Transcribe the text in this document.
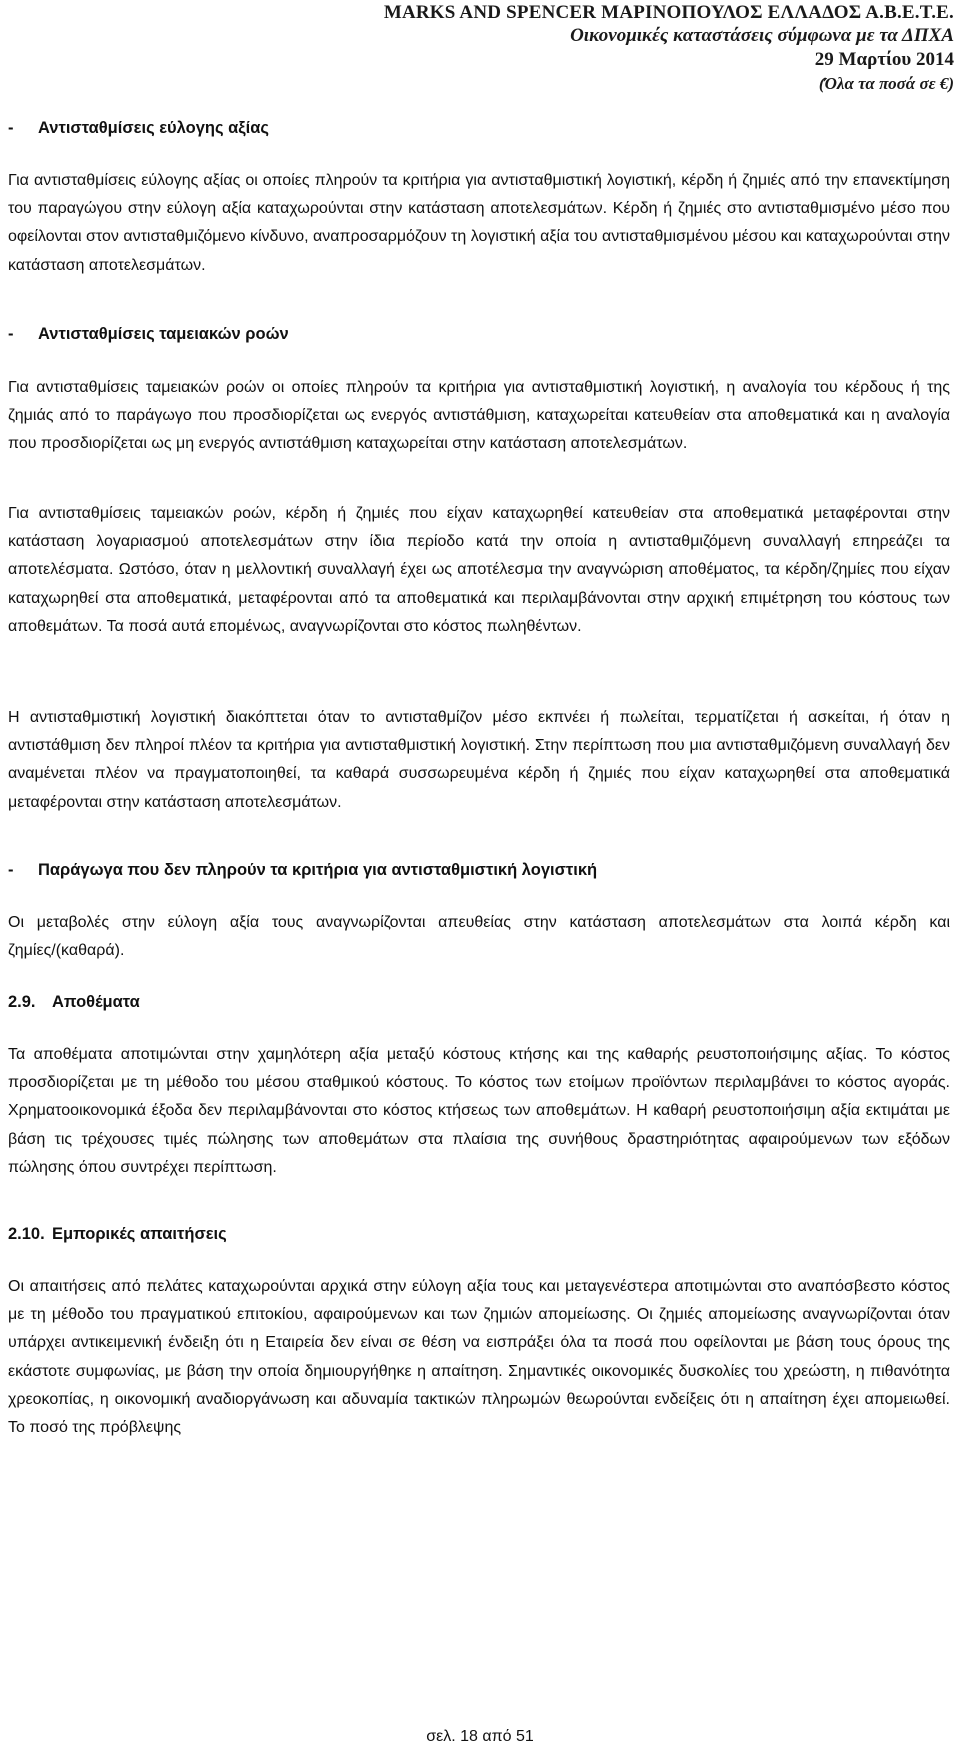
MARKS AND SPENCER ΜΑΡΙΝΟΠΟΥΛΟΣ ΕΛΛΑΔΟΣ Α.Β.Ε.Τ.Ε.
Οικονομικές καταστάσεις σύμφωνα με τα ΔΠΧΑ
29 Μαρτίου 2014
(Όλα τα ποσά σε €)
-	Αντισταθμίσεις εύλογης αξίας

Για αντισταθμίσεις εύλογης αξίας οι οποίες πληρούν τα κριτήρια για αντισταθμιστική λογιστική, κέρδη ή ζημιές από την επανεκτίμηση του παραγώγου στην εύλογη αξία καταχωρούνται στην κατάσταση αποτελεσμάτων. Κέρδη ή ζημιές στο αντισταθμισμένο μέσο που οφείλονται στον αντισταθμιζόμενο κίνδυνο, αναπροσαρμόζουν τη λογιστική αξία του αντισταθμισμένου μέσου και καταχωρούνται στην κατάσταση αποτελεσμάτων.

-	Αντισταθμίσεις ταμειακών ροών

Για αντισταθμίσεις ταμειακών ροών οι οποίες πληρούν τα κριτήρια για αντισταθμιστική λογιστική, η αναλογία του κέρδους ή της ζημιάς από το παράγωγο που προσδιορίζεται ως ενεργός αντιστάθμιση, καταχωρείται κατευθείαν στα αποθεματικά και η αναλογία που προσδιορίζεται ως μη ενεργός αντιστάθμιση καταχωρείται στην κατάσταση αποτελεσμάτων.

Για αντισταθμίσεις ταμειακών ροών, κέρδη ή ζημιές που είχαν καταχωρηθεί κατευθείαν στα αποθεματικά μεταφέρονται στην κατάσταση λογαριασμού αποτελεσμάτων στην ίδια περίοδο κατά την οποία η αντισταθμιζόμενη συναλλαγή επηρεάζει τα αποτελέσματα. Ωστόσο, όταν η μελλοντική συναλλαγή έχει ως αποτέλεσμα την αναγνώριση αποθέματος, τα κέρδη/ζημίες που είχαν καταχωρηθεί στα αποθεματικά, μεταφέρονται από τα αποθεματικά και περιλαμβάνονται στην αρχική επιμέτρηση του κόστους των αποθεμάτων. Τα ποσά αυτά επομένως, αναγνωρίζονται στο κόστος πωληθέντων.

Η αντισταθμιστική λογιστική διακόπτεται όταν το αντισταθμίζον μέσο εκπνέει ή πωλείται, τερματίζεται ή ασκείται, ή όταν η αντιστάθμιση δεν πληροί πλέον τα κριτήρια για αντισταθμιστική λογιστική. Στην περίπτωση που μια αντισταθμιζόμενη συναλλαγή δεν αναμένεται πλέον να πραγματοποιηθεί, τα καθαρά συσσωρευμένα κέρδη ή ζημιές που είχαν καταχωρηθεί στα αποθεματικά μεταφέρονται στην κατάσταση αποτελεσμάτων.

-	Παράγωγα που δεν πληρούν τα κριτήρια για αντισταθμιστική λογιστική

Οι μεταβολές στην εύλογη αξία τους αναγνωρίζονται απευθείας στην κατάσταση αποτελεσμάτων στα λοιπά κέρδη και ζημίες/(καθαρά).

2.9. Αποθέματα

Τα αποθέματα αποτιμώνται στην χαμηλότερη αξία μεταξύ κόστους κτήσης και της καθαρής ρευστοποιήσιμης αξίας. Το κόστος προσδιορίζεται με τη μέθοδο του μέσου σταθμικού κόστους. Το κόστος των ετοίμων προϊόντων περιλαμβάνει το κόστος αγοράς. Χρηματοοικονομικά έξοδα δεν περιλαμβάνονται στο κόστος κτήσεως των αποθεμάτων. Η καθαρή ρευστοποιήσιμη αξία εκτιμάται με βάση τις τρέχουσες τιμές πώλησης των αποθεμάτων στα πλαίσια της συνήθους δραστηριότητας αφαιρούμενων των εξόδων πώλησης όπου συντρέχει περίπτωση.

2.10. Εμπορικές απαιτήσεις

Οι απαιτήσεις από πελάτες καταχωρούνται αρχικά στην εύλογη αξία τους και μεταγενέστερα αποτιμώνται στο αναπόσβεστο κόστος με τη μέθοδο του πραγματικού επιτοκίου, αφαιρούμενων και των ζημιών απομείωσης. Οι ζημιές απομείωσης αναγνωρίζονται όταν υπάρχει αντικειμενική ένδειξη ότι η Εταιρεία δεν είναι σε θέση να εισπράξει όλα τα ποσά που οφείλονται με βάση τους όρους της εκάστοτε συμφωνίας, με βάση την οποία δημιουργήθηκε η απαίτηση. Σημαντικές οικονομικές δυσκολίες του χρεώστη, η πιθανότητα χρεοκοπίας, η οικονομική αναδιοργάνωση και αδυναμία τακτικών πληρωμών θεωρούνται ενδείξεις ότι η απαίτηση έχει απομειωθεί. Το ποσό της πρόβλεψης

σελ. 18 από 51
